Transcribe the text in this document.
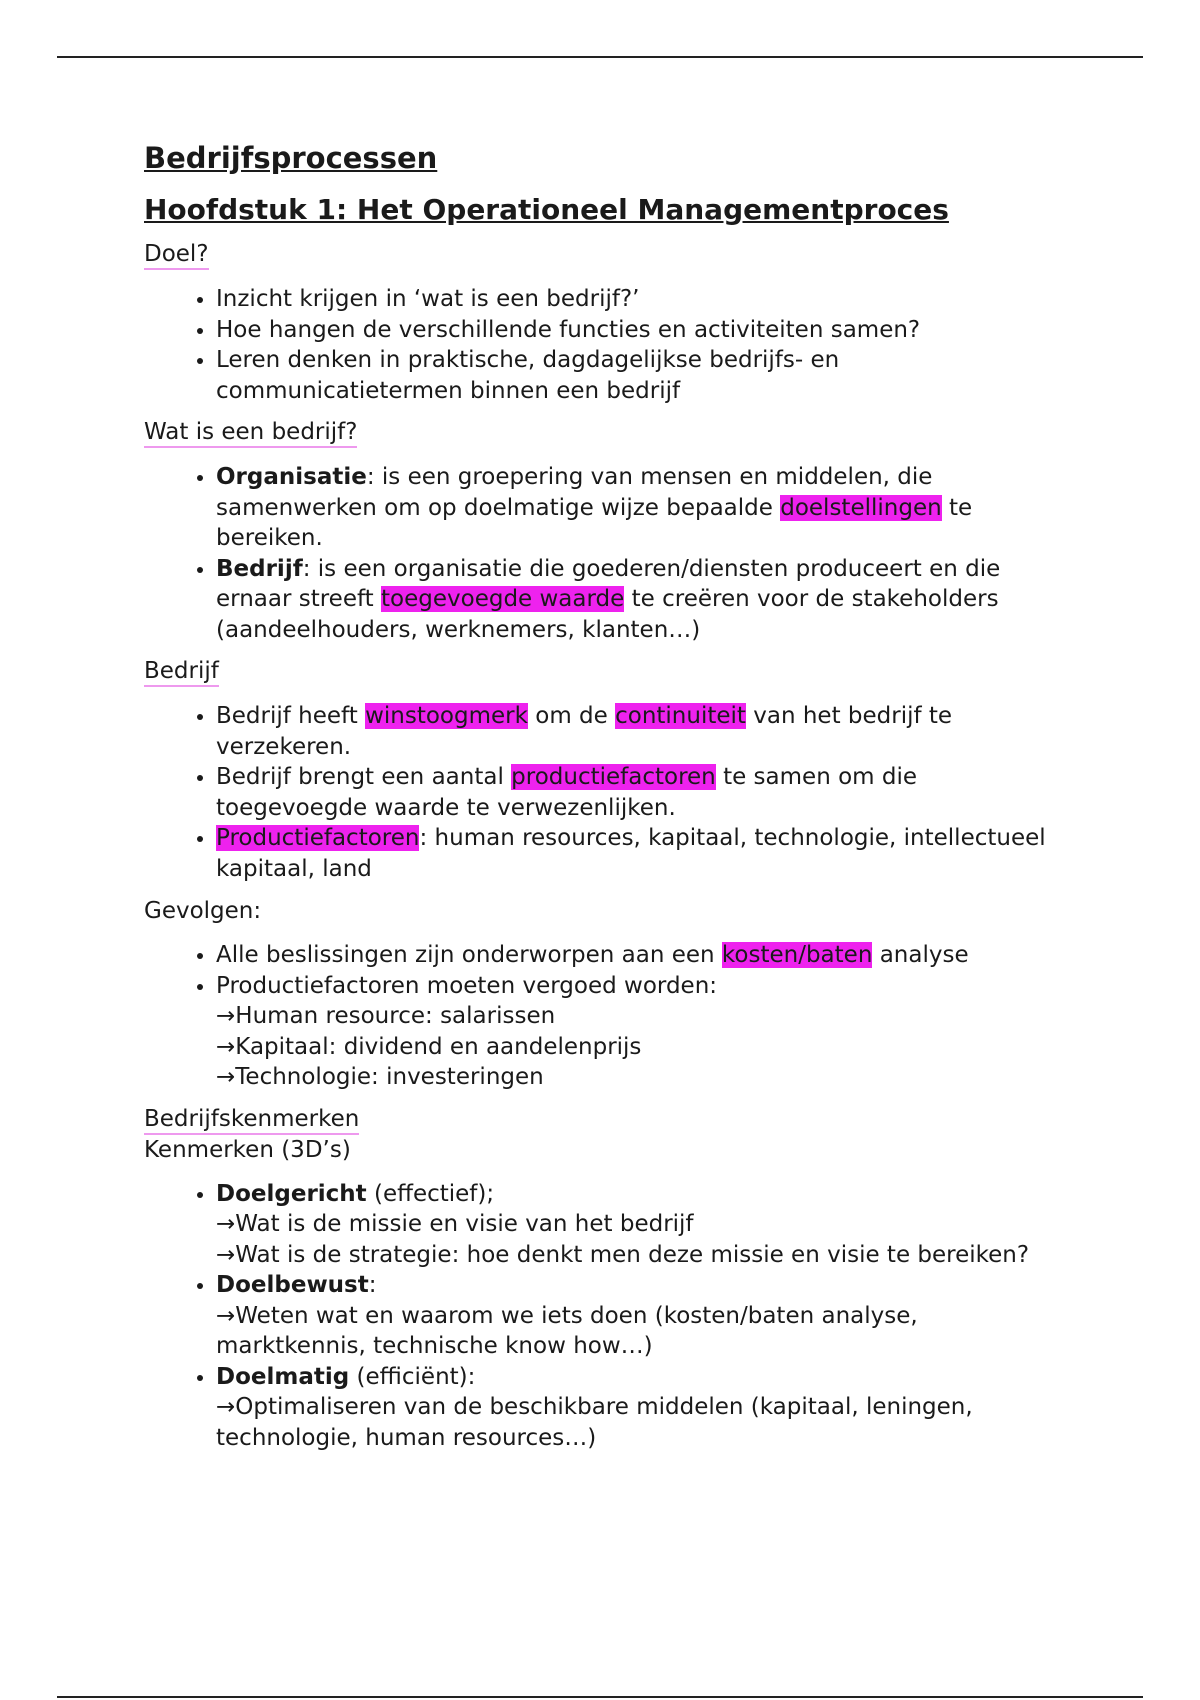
Bedrijfsprocessen
Hoofdstuk 1: Het Operationeel Managementproces
Doel?
• Inzicht krijgen in ‘wat is een bedrijf?’
• Hoe hangen de verschillende functies en activiteiten samen?
• Leren denken in praktische, dagdagelijkse bedrijfs- en communicatietermen binnen een bedrijf
Wat is een bedrijf?
• Organisatie: is een groepering van mensen en middelen, die samenwerken om op doelmatige wijze bepaalde doelstellingen te bereiken.
• Bedrijf: is een organisatie die goederen/diensten produceert en die ernaar streeft toegevoegde waarde te creëren voor de stakeholders (aandeelhouders, werknemers, klanten…)
Bedrijf
• Bedrijf heeft winstoogmerk om de continuiteit van het bedrijf te verzekeren.
• Bedrijf brengt een aantal productiefactoren te samen om die toegevoegde waarde te verwezenlijken.
• Productiefactoren: human resources, kapitaal, technologie, intellectueel kapitaal, land
Gevolgen:
• Alle beslissingen zijn onderworpen aan een kosten/baten analyse
• Productiefactoren moeten vergoed worden:
→Human resource: salarissen
→Kapitaal: dividend en aandelenprijs
→Technologie: investeringen
Bedrijfskenmerken
Kenmerken (3D’s)
• Doelgericht (effectief);
→Wat is de missie en visie van het bedrijf
→Wat is de strategie: hoe denkt men deze missie en visie te bereiken?
• Doelbewust:
→Weten wat en waarom we iets doen (kosten/baten analyse, marktkennis, technische know how…)
• Doelmatig (efficiënt):
→Optimaliseren van de beschikbare middelen (kapitaal, leningen, technologie, human resources…)
